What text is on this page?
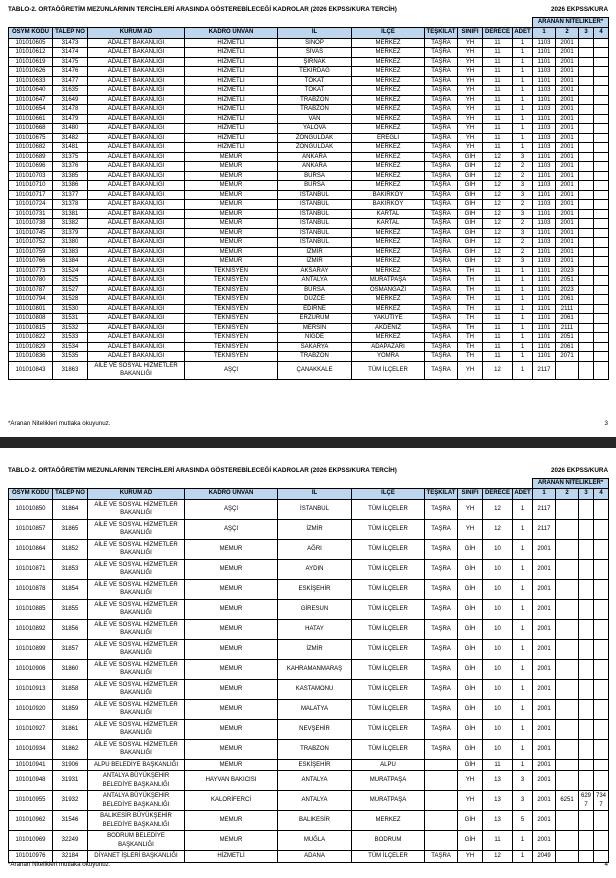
TABLO-2. ORTAÖĞRETİM MEZUNLARININ TERCİHLERİ ARASINDA GÖSTEREBİLECEĞİ KADROLAR (2026 EKPSS/KURA TERCİH)	2026 EKPSS/KURA
										ARANAN NİTELİKLER*			
ÖSYM KODU	TALEP NO	KURUM AD	KADRO ÜNVAN	İL	İLÇE	TEŞKİLAT	SINIFI	DERECE	ADET	1	2	3	4
101010605	31473	ADALET BAKANLIĞI	HİZMETLİ	SİNOP	MERKEZ	TAŞRA	YH	11	1	1103	2001		
101010612	31474	ADALET BAKANLIĞI	HİZMETLİ	SİVAS	MERKEZ	TAŞRA	YH	11	1	1101	2001		
101010619	31475	ADALET BAKANLIĞI	HİZMETLİ	ŞIRNAK	MERKEZ	TAŞRA	YH	11	1	1101	2001		
101010626	31476	ADALET BAKANLIĞI	HİZMETLİ	TEKİRDAĞ	MERKEZ	TAŞRA	YH	11	1	1103	2001		
101010633	31477	ADALET BAKANLIĞI	HİZMETLİ	TOKAT	MERKEZ	TAŞRA	YH	11	1	1101	2001		
101010640	31635	ADALET BAKANLIĞI	HİZMETLİ	TOKAT	MERKEZ	TAŞRA	YH	11	1	1103	2001		
101010647	31649	ADALET BAKANLIĞI	HİZMETLİ	TRABZON	MERKEZ	TAŞRA	YH	11	1	1101	2001		
101010654	31478	ADALET BAKANLIĞI	HİZMETLİ	TRABZON	MERKEZ	TAŞRA	YH	11	1	1103	2001		
101010661	31479	ADALET BAKANLIĞI	HİZMETLİ	VAN	MERKEZ	TAŞRA	YH	11	1	1101	2001		
101010668	31480	ADALET BAKANLIĞI	HİZMETLİ	YALOVA	MERKEZ	TAŞRA	YH	11	1	1103	2001		
101010675	31482	ADALET BAKANLIĞI	HİZMETLİ	ZONGULDAK	EREĞLİ	TAŞRA	YH	11	1	1103	2001		
101010682	31481	ADALET BAKANLIĞI	HİZMETLİ	ZONGULDAK	MERKEZ	TAŞRA	YH	11	1	1103	2001		
101010689	31375	ADALET BAKANLIĞI	MEMUR	ANKARA	MERKEZ	TAŞRA	GİH	12	3	1101	2001		
101010696	31376	ADALET BAKANLIĞI	MEMUR	ANKARA	MERKEZ	TAŞRA	GİH	12	2	1103	2001		
101010703	31385	ADALET BAKANLIĞI	MEMUR	BURSA	MERKEZ	TAŞRA	GİH	12	2	1101	2001		
101010710	31386	ADALET BAKANLIĞI	MEMUR	BURSA	MERKEZ	TAŞRA	GİH	12	3	1103	2001		
101010717	31377	ADALET BAKANLIĞI	MEMUR	İSTANBUL	BAKIRKÖY	TAŞRA	GİH	12	3	1101	2001		
101010724	31378	ADALET BAKANLIĞI	MEMUR	İSTANBUL	BAKIRKÖY	TAŞRA	GİH	12	2	1103	2001		
101010731	31381	ADALET BAKANLIĞI	MEMUR	İSTANBUL	KARTAL	TAŞRA	GİH	12	3	1101	2001		
101010738	31382	ADALET BAKANLIĞI	MEMUR	İSTANBUL	KARTAL	TAŞRA	GİH	12	2	1103	2001		
101010745	31379	ADALET BAKANLIĞI	MEMUR	İSTANBUL	MERKEZ	TAŞRA	GİH	12	3	1101	2001		
101010752	31380	ADALET BAKANLIĞI	MEMUR	İSTANBUL	MERKEZ	TAŞRA	GİH	12	2	1103	2001		
101010759	31383	ADALET BAKANLIĞI	MEMUR	İZMİR	MERKEZ	TAŞRA	GİH	12	2	1101	2001		
101010766	31384	ADALET BAKANLIĞI	MEMUR	İZMİR	MERKEZ	TAŞRA	GİH	12	3	1103	2001		
101010773	31524	ADALET BAKANLIĞI	TEKNİSYEN	AKSARAY	MERKEZ	TAŞRA	TH	11	1	1101	2023		
101010780	31525	ADALET BAKANLIĞI	TEKNİSYEN	ANTALYA	MURATPAŞA	TAŞRA	TH	11	1	1101	2051		
101010787	31527	ADALET BAKANLIĞI	TEKNİSYEN	BURSA	OSMANGAZİ	TAŞRA	TH	11	1	1101	2023		
101010794	31528	ADALET BAKANLIĞI	TEKNİSYEN	DÜZCE	MERKEZ	TAŞRA	TH	11	1	1101	2061		
101010801	31530	ADALET BAKANLIĞI	TEKNİSYEN	EDİRNE	MERKEZ	TAŞRA	TH	11	1	1101	2111		
101010808	31531	ADALET BAKANLIĞI	TEKNİSYEN	ERZURUM	YAKUTİYE	TAŞRA	TH	11	1	1101	2061		
101010815	31532	ADALET BAKANLIĞI	TEKNİSYEN	MERSİN	AKDENİZ	TAŞRA	TH	11	1	1101	2111		
101010822	31533	ADALET BAKANLIĞI	TEKNİSYEN	NİĞDE	MERKEZ	TAŞRA	TH	11	1	1101	2051		
101010829	31534	ADALET BAKANLIĞI	TEKNİSYEN	SAKARYA	ADAPAZARI	TAŞRA	TH	11	1	1101	2061		
101010836	31535	ADALET BAKANLIĞI	TEKNİSYEN	TRABZON	YOMRA	TAŞRA	TH	11	1	1101	2071		
101010843	31863	AİLE VE SOSYAL HİZMETLER BAKANLIĞI	AŞÇI	ÇANAKKALE	TÜM İLÇELER	TAŞRA	YH	12	1	2117			
*Aranan Nitelikleri mutlaka okuyunuz.	3
TABLO-2. ORTAÖĞRETİM MEZUNLARININ TERCİHLERİ ARASINDA GÖSTEREBİLECEĞİ KADROLAR (2026 EKPSS/KURA TERCİH)	2026 EKPSS/KURA
										ARANAN NİTELİKLER*			
ÖSYM KODU	TALEP NO	KURUM AD	KADRO ÜNVAN	İL	İLÇE	TEŞKİLAT	SINIFI	DERECE	ADET	1	2	3	4
101010850	31864	AİLE VE SOSYAL HİZMETLER BAKANLIĞI	AŞÇI	İSTANBUL	TÜM İLÇELER	TAŞRA	YH	12	1	2117			
101010857	31865	AİLE VE SOSYAL HİZMETLER BAKANLIĞI	AŞÇI	İZMİR	TÜM İLÇELER	TAŞRA	YH	12	1	2117			
101010864	31852	AİLE VE SOSYAL HİZMETLER BAKANLIĞI	MEMUR	AĞRI	TÜM İLÇELER	TAŞRA	GİH	10	1	2001			
101010871	31853	AİLE VE SOSYAL HİZMETLER BAKANLIĞI	MEMUR	AYDIN	TÜM İLÇELER	TAŞRA	GİH	10	1	2001			
101010878	31854	AİLE VE SOSYAL HİZMETLER BAKANLIĞI	MEMUR	ESKİŞEHİR	TÜM İLÇELER	TAŞRA	GİH	10	1	2001			
101010885	31855	AİLE VE SOSYAL HİZMETLER BAKANLIĞI	MEMUR	GİRESUN	TÜM İLÇELER	TAŞRA	GİH	10	1	2001			
101010892	31856	AİLE VE SOSYAL HİZMETLER BAKANLIĞI	MEMUR	HATAY	TÜM İLÇELER	TAŞRA	GİH	10	1	2001			
101010899	31857	AİLE VE SOSYAL HİZMETLER BAKANLIĞI	MEMUR	İZMİR	TÜM İLÇELER	TAŞRA	GİH	10	1	2001			
101010906	31860	AİLE VE SOSYAL HİZMETLER BAKANLIĞI	MEMUR	KAHRAMANMARAŞ	TÜM İLÇELER	TAŞRA	GİH	10	1	2001			
101010913	31858	AİLE VE SOSYAL HİZMETLER BAKANLIĞI	MEMUR	KASTAMONU	TÜM İLÇELER	TAŞRA	GİH	10	1	2001			
101010920	31859	AİLE VE SOSYAL HİZMETLER BAKANLIĞI	MEMUR	MALATYA	TÜM İLÇELER	TAŞRA	GİH	10	1	2001			
101010927	31861	AİLE VE SOSYAL HİZMETLER BAKANLIĞI	MEMUR	NEVŞEHİR	TÜM İLÇELER	TAŞRA	GİH	10	1	2001			
101010934	31862	AİLE VE SOSYAL HİZMETLER BAKANLIĞI	MEMUR	TRABZON	TÜM İLÇELER	TAŞRA	GİH	10	1	2001			
101010941	31906	ALPU BELEDİYE BAŞKANLIĞI	MEMUR	ESKİŞEHİR	ALPU		GİH	11	1	2001			
101010948	31931	ANTALYA BÜYÜKŞEHİR BELEDİYE BAŞKANLIĞI	HAYVAN BAKICISI	ANTALYA	MURATPAŞA		YH	13	3	2001			
101010955	31932	ANTALYA BÜYÜKŞEHİR BELEDİYE BAŞKANLIĞI	KALORİFERCİ	ANTALYA	MURATPAŞA		YH	13	3	2001	6251	6297	7347
101010962	31546	BALIKESİR BÜYÜKŞEHİR BELEDİYE BAŞKANLIĞI	MEMUR	BALIKESİR	MERKEZ		GİH	13	5	2001			
101010969	32249	BODRUM BELEDİYE BAŞKANLIĞI	MEMUR	MUĞLA	BODRUM		GİH	11	1	2001			
101010976	32184	DİYANET İŞLERİ BAŞKANLIĞI	HİZMETLİ	ADANA	TÜM İLÇELER	TAŞRA	YH	12	1	2049			
*Aranan Nitelikleri mutlaka okuyunuz.	4
